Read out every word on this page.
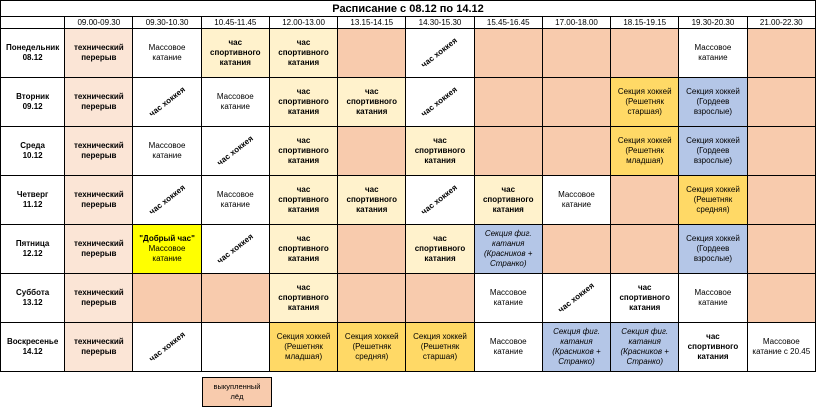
Расписание с 08.12 по 14.12											
	09.00-09.30	09.30-10.30	10.45-11.45	12.00-13.00	13.15-14.15	14.30-15.30	15.45-16.45	17.00-18.00	18.15-19.15	19.30-20.30	21.00-22.30

Понедельник
08.12	технический
перерыв	Массовое
катание	час
спортивного
катания	час
спортивного
катания		час хоккея				Массовое
катание	

Вторник
09.12	технический
перерыв	час хоккея	Массовое
катание	час
спортивного
катания	час
спортивного
катания	час хоккея			Секция хоккей
(Решетняк
старшая)	Секция хоккей
(Гордеев
взрослые)	

Среда
10.12	технический
перерыв	Массовое
катание	час хоккея	час
спортивного
катания		час
спортивного
катания			Секция хоккей
(Решетняк
младшая)	Секция хоккей
(Гордеев
взрослые)	

Четверг
11.12	технический
перерыв	час хоккея	Массовое
катание	час
спортивного
катания	час
спортивного
катания	час хоккея	час
спортивного
катания	Массовое
катание		Секция хоккей
(Решетняк
средняя)	

Пятница
12.12	технический
перерыв	"Добрый час"
Массовое
катание	час хоккея	час
спортивного
катания		час
спортивного
катания	Секция фиг.
катания
(Красников +
Странко)			Секция хоккей
(Гордеев
взрослые)	

Суббота
13.12	технический
перерыв			час
спортивного
катания			Массовое
катание	час хоккея	час
спортивного
катания	Массовое
катание	

Воскресенье
14.12	технический
перерыв	час хоккея		Секция хоккей
(Решетняк
младшая)	Секция хоккей
(Решетняк
средняя)	Секция хоккей
(Решетняк
старшая)	Массовое
катание	Секция фиг.
катания
(Красников +
Странко)	Секция фиг.
катания
(Красников +
Странко)	час
спортивного
катания	Массовое
катание с 20.45
выкупленный
лёд
